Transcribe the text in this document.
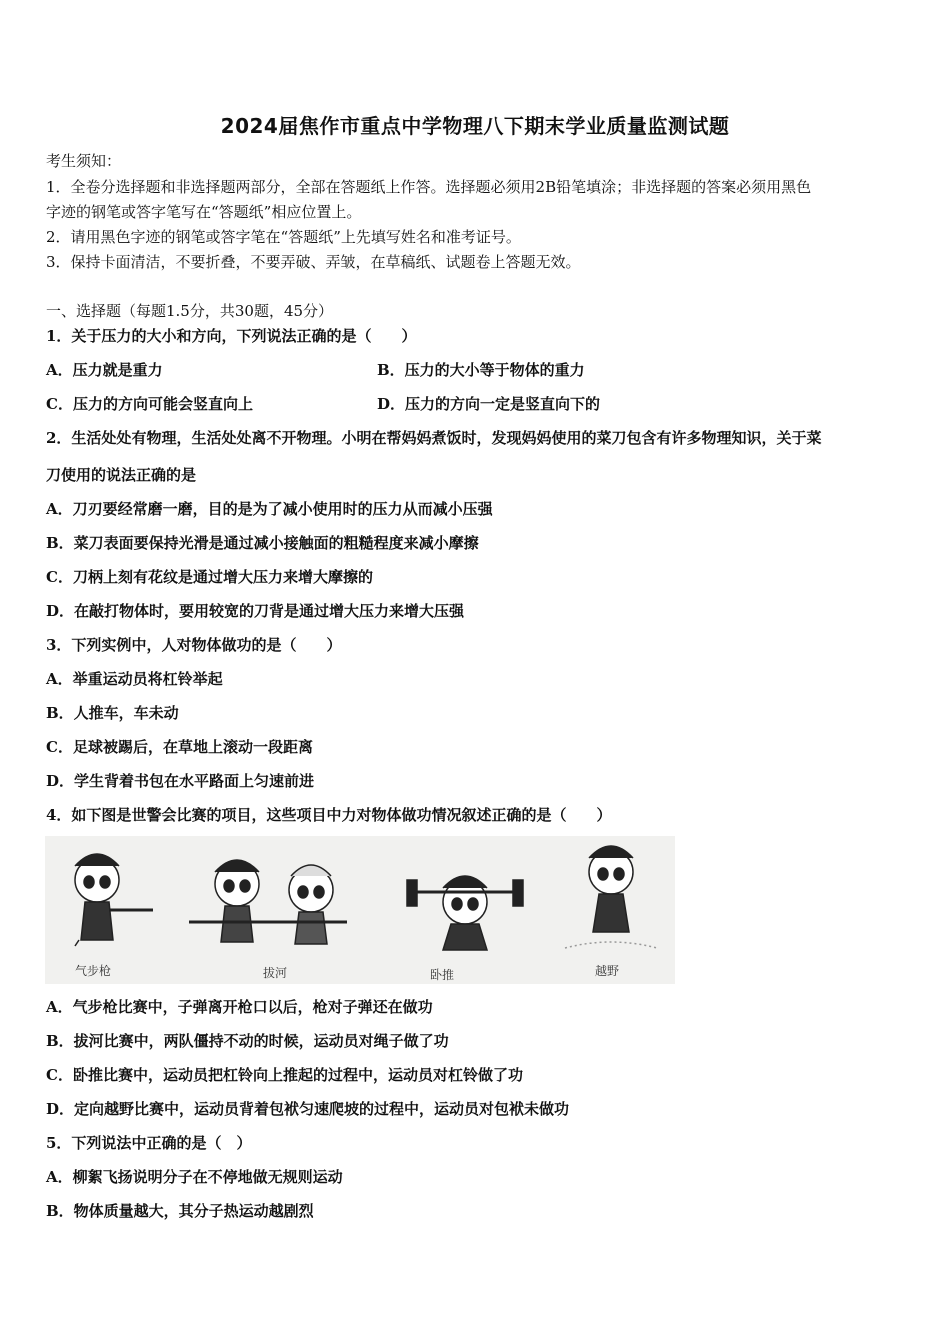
2024届焦作市重点中学物理八下期末学业质量监测试题
考生须知：
1．全卷分选择题和非选择题两部分，全部在答题纸上作答。选择题必须用2B铅笔填涂；非选择题的答案必须用黑色
字迹的钢笔或答字笔写在“答题纸”相应位置上。
2．请用黑色字迹的钢笔或答字笔在“答题纸”上先填写姓名和准考证号。
3．保持卡面清洁，不要折叠，不要弄破、弄皱，在草稿纸、试题卷上答题无效。
一、选择题（每题1.5分，共30题，45分）
1．关于压力的大小和方向，下列说法正确的是（　　）
A．压力就是重力	B．压力的大小等于物体的重力
C．压力的方向可能会竖直向上	D．压力的方向一定是竖直向下的
2．生活处处有物理，生活处处离不开物理。小明在帮妈妈煮饭时，发现妈妈使用的菜刀包含有许多物理知识，关于菜
刀使用的说法正确的是
A．刀刃要经常磨一磨，目的是为了减小使用时的压力从而减小压强
B．菜刀表面要保持光滑是通过减小接触面的粗糙程度来减小摩擦
C．刀柄上刻有花纹是通过增大压力来增大摩擦的
D．在敲打物体时，要用较宽的刀背是通过增大压力来增大压强
3．下列实例中，人对物体做功的是（　　）
A．举重运动员将杠铃举起
B．人推车，车未动
C．足球被踢后，在草地上滚动一段距离
D．学生背着书包在水平路面上匀速前进
4．如下图是世警会比赛的项目，这些项目中力对物体做功情况叙述正确的是（　　）
气步枪	拔河	卧推	越野
A．气步枪比赛中，子弹离开枪口以后，枪对子弹还在做功
B．拔河比赛中，两队僵持不动的时候，运动员对绳子做了功
C．卧推比赛中，运动员把杠铃向上推起的过程中，运动员对杠铃做了功
D．定向越野比赛中，运动员背着包袱匀速爬坡的过程中，运动员对包袱未做功
5．下列说法中正确的是（　）
A．柳絮飞扬说明分子在不停地做无规则运动
B．物体质量越大，其分子热运动越剧烈
